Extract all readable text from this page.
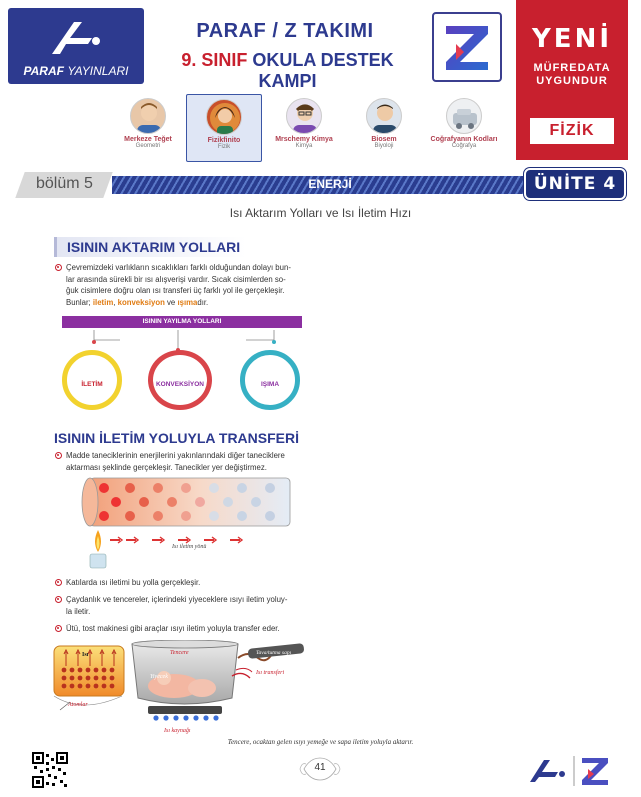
PARAF YAYINLARI
PARAF / Z TAKIMI
9. SINIF OKULA DESTEK KAMPI
YENİ
MÜFREDATA
UYGUNDUR
FİZİK
Merkeze Teğet
Geometri
Fizikfinito
Fizik
Mrschemy Kimya
Kimya
Biosem
Biyoloji
Coğrafyanın Kodları
Coğrafya
bölüm 5	ENERJİ	ÜNİTE 4
Isı Aktarım Yolları ve Isı İletim Hızı
ISININ AKTARIM YOLLARI
Çevremizdeki varlıkların sıcaklıkları farklı olduğundan dolayı bun-
lar arasında sürekli bir ısı alışverişi vardır. Sıcak cisimlerden so-
ğuk cisimlere doğru olan ısı transferi üç farklı yol ile gerçekleşir.
Bunlar; iletim, konveksiyon ve ışımadır.
ISININ YAYILMA YOLLARI
İLETİM	KONVEKSİYON	IŞIMA
ISININ İLETİM YOLUYLA TRANSFERİ
Madde taneciklerinin enerjilerini yakınlarındaki diğer taneciklere
aktarması şeklinde gerçekleşir. Tanecikler yer değiştirmez.
Isı iletim yönü
Katılarda ısı iletimi bu yolla gerçekleşir.
Çaydanlık ve tencereler, içlerindeki yiyeceklere ısıyı iletim yoluy-
la iletir.
Ütü, tost makinesi gibi araçlar ısıyı iletim yoluyla transfer eder.
Isı	Tencere	Tava/tutma sapı
Yiyecek
Isı transferi
Atomlar
Isı kaynağı
Tencere, ocaktan gelen ısıyı yemeğe ve sapa iletim yoluyla aktarır.
41
